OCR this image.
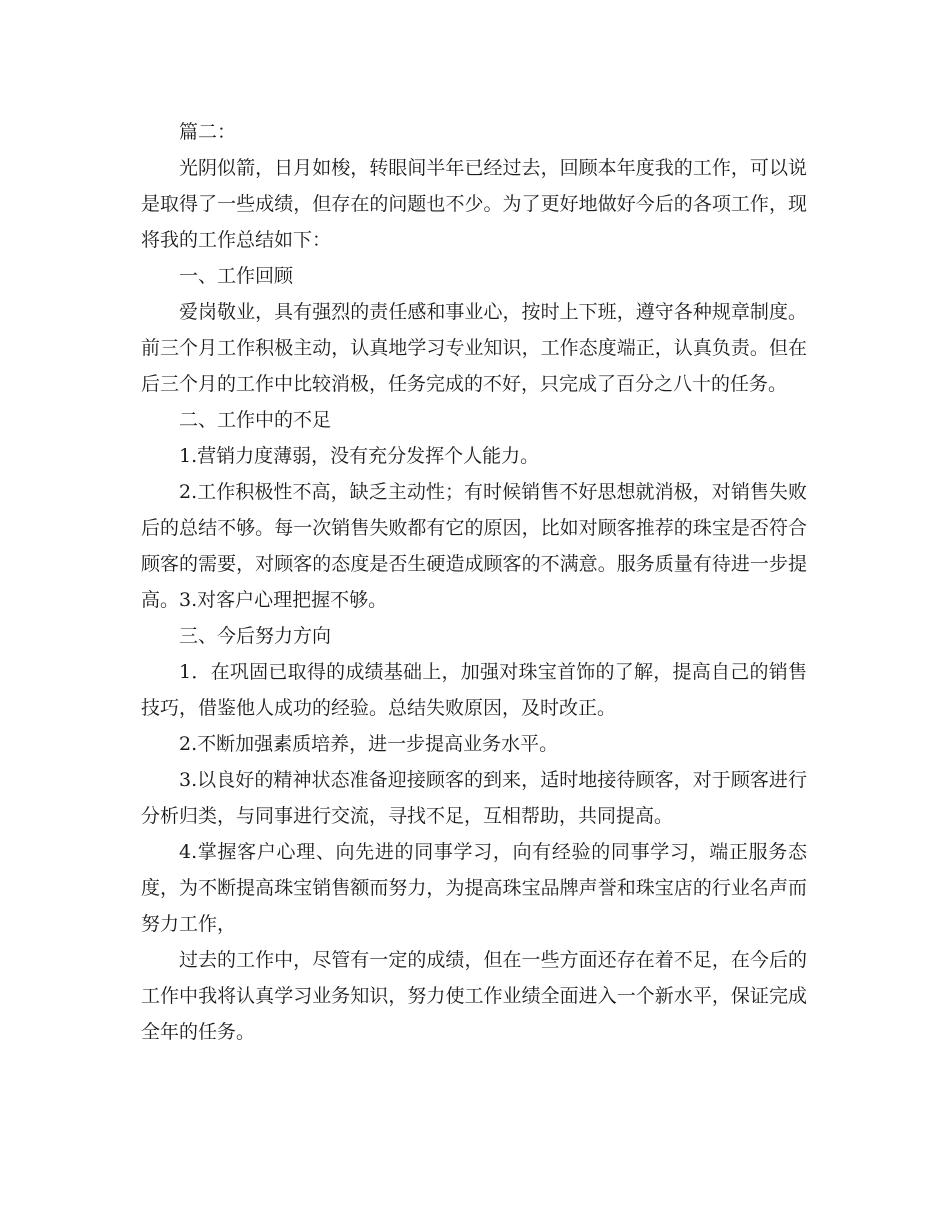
篇二：

光阴似箭，日月如梭，转眼间半年已经过去，回顾本年度我的工作，可以说是取得了一些成绩，但存在的问题也不少。为了更好地做好今后的各项工作，现将我的工作总结如下：

一、工作回顾

爱岗敬业，具有强烈的责任感和事业心，按时上下班，遵守各种规章制度。前三个月工作积极主动，认真地学习专业知识，工作态度端正，认真负责。但在后三个月的工作中比较消极，任务完成的不好，只完成了百分之八十的任务。

二、工作中的不足

1.营销力度薄弱，没有充分发挥个人能力。

2.工作积极性不高，缺乏主动性；有时候销售不好思想就消极，对销售失败后的总结不够。每一次销售失败都有它的原因，比如对顾客推荐的珠宝是否符合顾客的需要，对顾客的态度是否生硬造成顾客的不满意。服务质量有待进一步提高。3.对客户心理把握不够。

三、今后努力方向

1．在巩固已取得的成绩基础上，加强对珠宝首饰的了解，提高自己的销售技巧，借鉴他人成功的经验。总结失败原因，及时改正。

2.不断加强素质培养，进一步提高业务水平。

3.以良好的精神状态准备迎接顾客的到来，适时地接待顾客，对于顾客进行分析归类，与同事进行交流，寻找不足，互相帮助，共同提高。

4.掌握客户心理、向先进的同事学习，向有经验的同事学习，端正服务态度，为不断提高珠宝销售额而努力，为提高珠宝品牌声誉和珠宝店的行业名声而努力工作，

过去的工作中，尽管有一定的成绩，但在一些方面还存在着不足，在今后的工作中我将认真学习业务知识，努力使工作业绩全面进入一个新水平，保证完成全年的任务。
